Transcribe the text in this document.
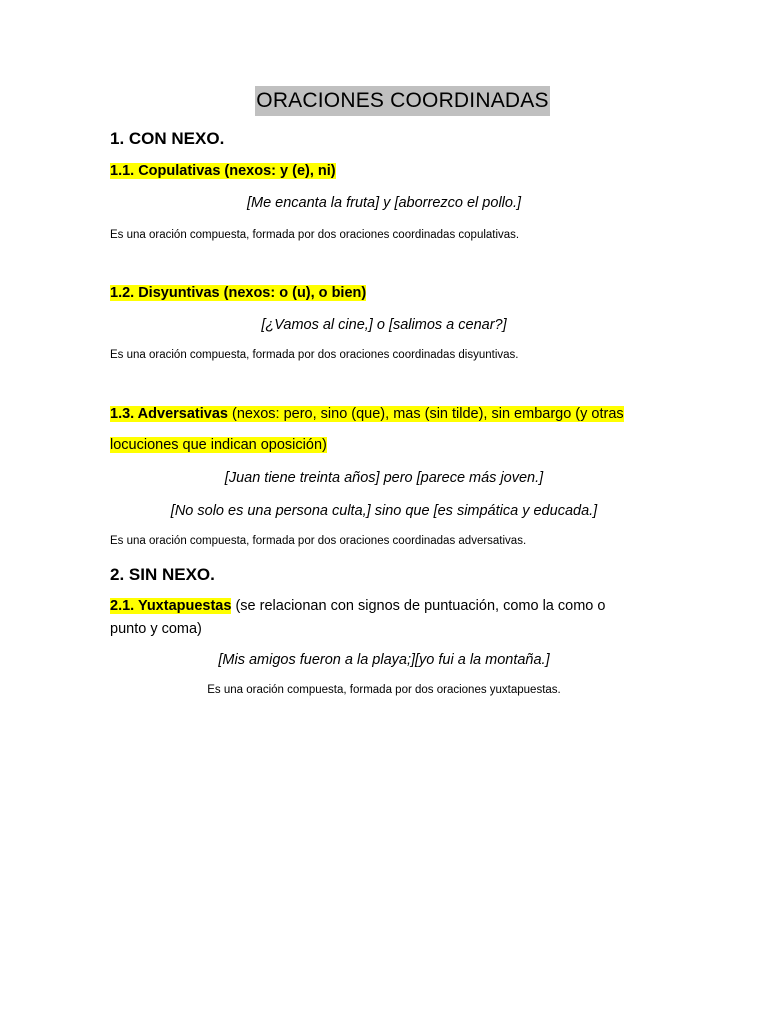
ORACIONES COORDINADAS
1. CON NEXO.
1.1. Copulativas (nexos: y (e), ni)
[Me encanta la fruta] y [aborrezco el pollo.]
Es una oración compuesta, formada por dos oraciones coordinadas copulativas.
1.2. Disyuntivas (nexos: o (u), o bien)
[¿Vamos al cine,] o [salimos a cenar?]
Es una oración compuesta, formada por dos oraciones coordinadas disyuntivas.
1.3. Adversativas (nexos: pero, sino (que), mas (sin tilde), sin embargo (y otras
locuciones que indican oposición)
[Juan tiene treinta años] pero [parece más joven.]
[No solo es una persona culta,] sino que [es simpática y educada.]
Es una oración compuesta, formada por dos oraciones coordinadas adversativas.
2. SIN NEXO.
2.1. Yuxtapuestas (se relacionan con signos de puntuación, como la como o
punto y coma)
[Mis amigos fueron a la playa;][yo fui a la montaña.]
Es una oración compuesta, formada por dos oraciones yuxtapuestas.
